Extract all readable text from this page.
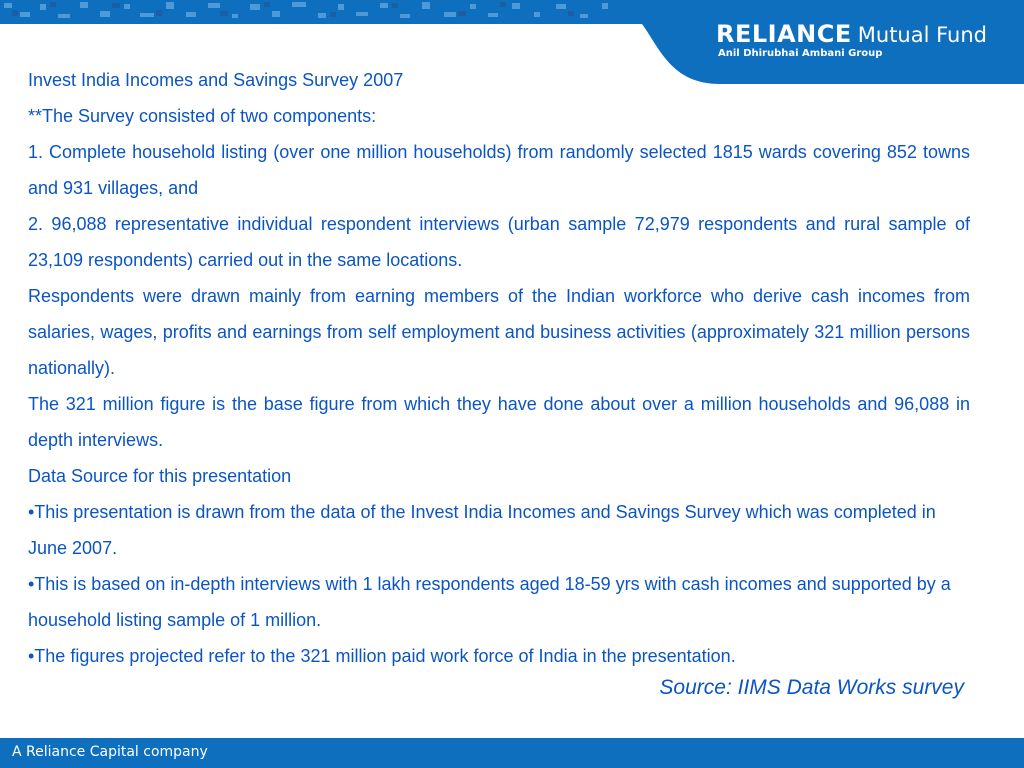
RELIANCE Mutual Fund
Anil Dhirubhai Ambani Group

Invest India Incomes and Savings Survey 2007

**The Survey consisted of two components:

1. Complete household listing (over one million households) from randomly selected 1815 wards covering 852 towns and 931 villages, and

2. 96,088 representative individual respondent interviews (urban sample 72,979 respondents and rural sample of 23,109 respondents) carried out in the same locations.

Respondents were drawn mainly from earning members of the Indian workforce who derive cash incomes from salaries, wages, profits and earnings from self employment and business activities (approximately 321 million persons nationally).

The 321 million figure is the base figure from which they have done about over a million households and 96,088 in depth interviews.

Data Source for this presentation

•This presentation is drawn from the data of the Invest India Incomes and Savings Survey which was completed in June 2007.

•This is based on in-depth interviews with 1 lakh respondents aged 18-59 yrs with cash incomes and supported by a household listing sample of 1 million.

•The figures projected refer to the 321 million paid work force of India in the presentation.

Source: IIMS Data Works survey
A Reliance Capital company
